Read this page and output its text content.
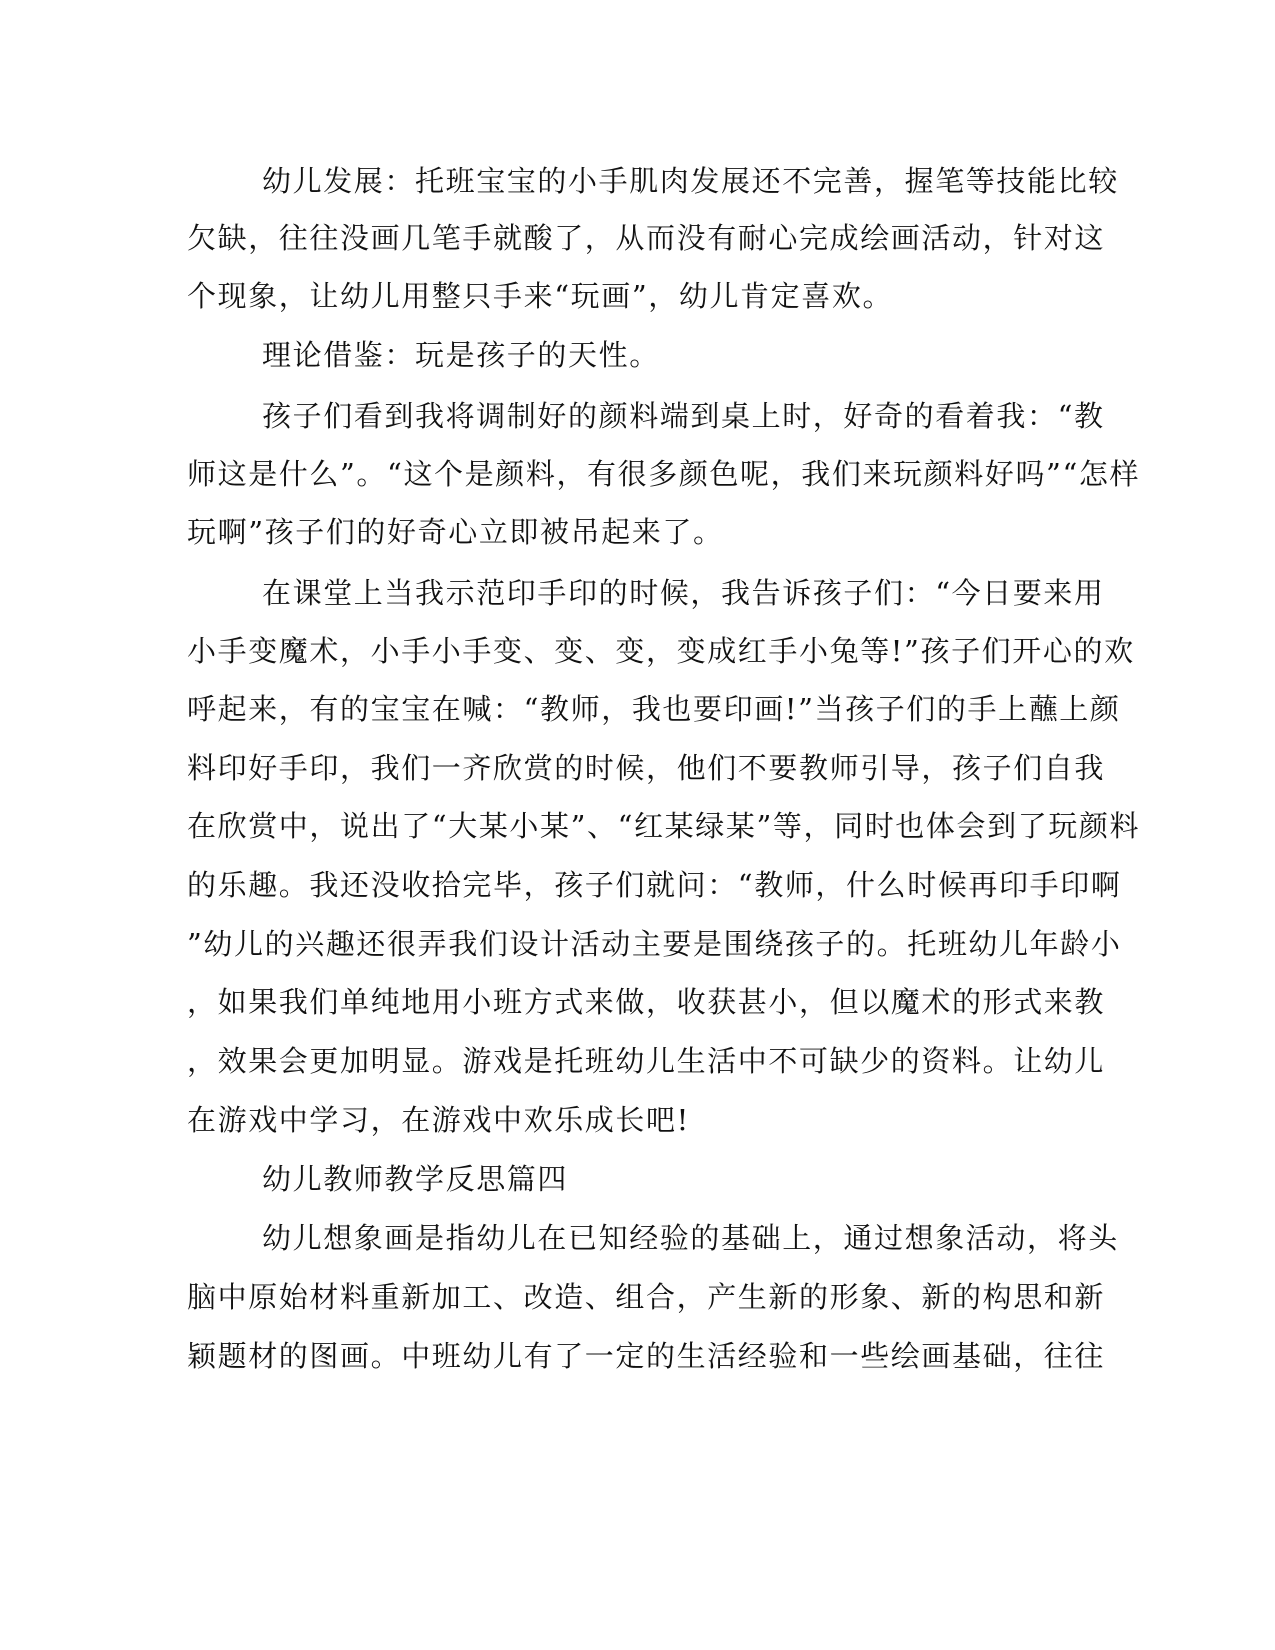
幼儿发展：托班宝宝的小手肌肉发展还不完善，握笔等技能比较
欠缺，往往没画几笔手就酸了，从而没有耐心完成绘画活动，针对这
个现象，让幼儿用整只手来“玩画”，幼儿肯定喜欢。
理论借鉴：玩是孩子的天性。
孩子们看到我将调制好的颜料端到桌上时，好奇的看着我：“教
师这是什么”。“这个是颜料，有很多颜色呢，我们来玩颜料好吗”“怎样
玩啊”孩子们的好奇心立即被吊起来了。
在课堂上当我示范印手印的时候，我告诉孩子们：“今日要来用
小手变魔术，小手小手变、变、变，变成红手小兔等!”孩子们开心的欢
呼起来，有的宝宝在喊：“教师，我也要印画!”当孩子们的手上蘸上颜
料印好手印，我们一齐欣赏的时候，他们不要教师引导，孩子们自我
在欣赏中，说出了“大某小某”、“红某绿某”等，同时也体会到了玩颜料
的乐趣。我还没收拾完毕，孩子们就问：“教师，什么时候再印手印啊
”幼儿的兴趣还很弄我们设计活动主要是围绕孩子的。托班幼儿年龄小
，如果我们单纯地用小班方式来做，收获甚小，但以魔术的形式来教
，效果会更加明显。游戏是托班幼儿生活中不可缺少的资料。让幼儿
在游戏中学习，在游戏中欢乐成长吧!
幼儿教师教学反思篇四
幼儿想象画是指幼儿在已知经验的基础上，通过想象活动，将头
脑中原始材料重新加工、改造、组合，产生新的形象、新的构思和新
颖题材的图画。中班幼儿有了一定的生活经验和一些绘画基础，往往
